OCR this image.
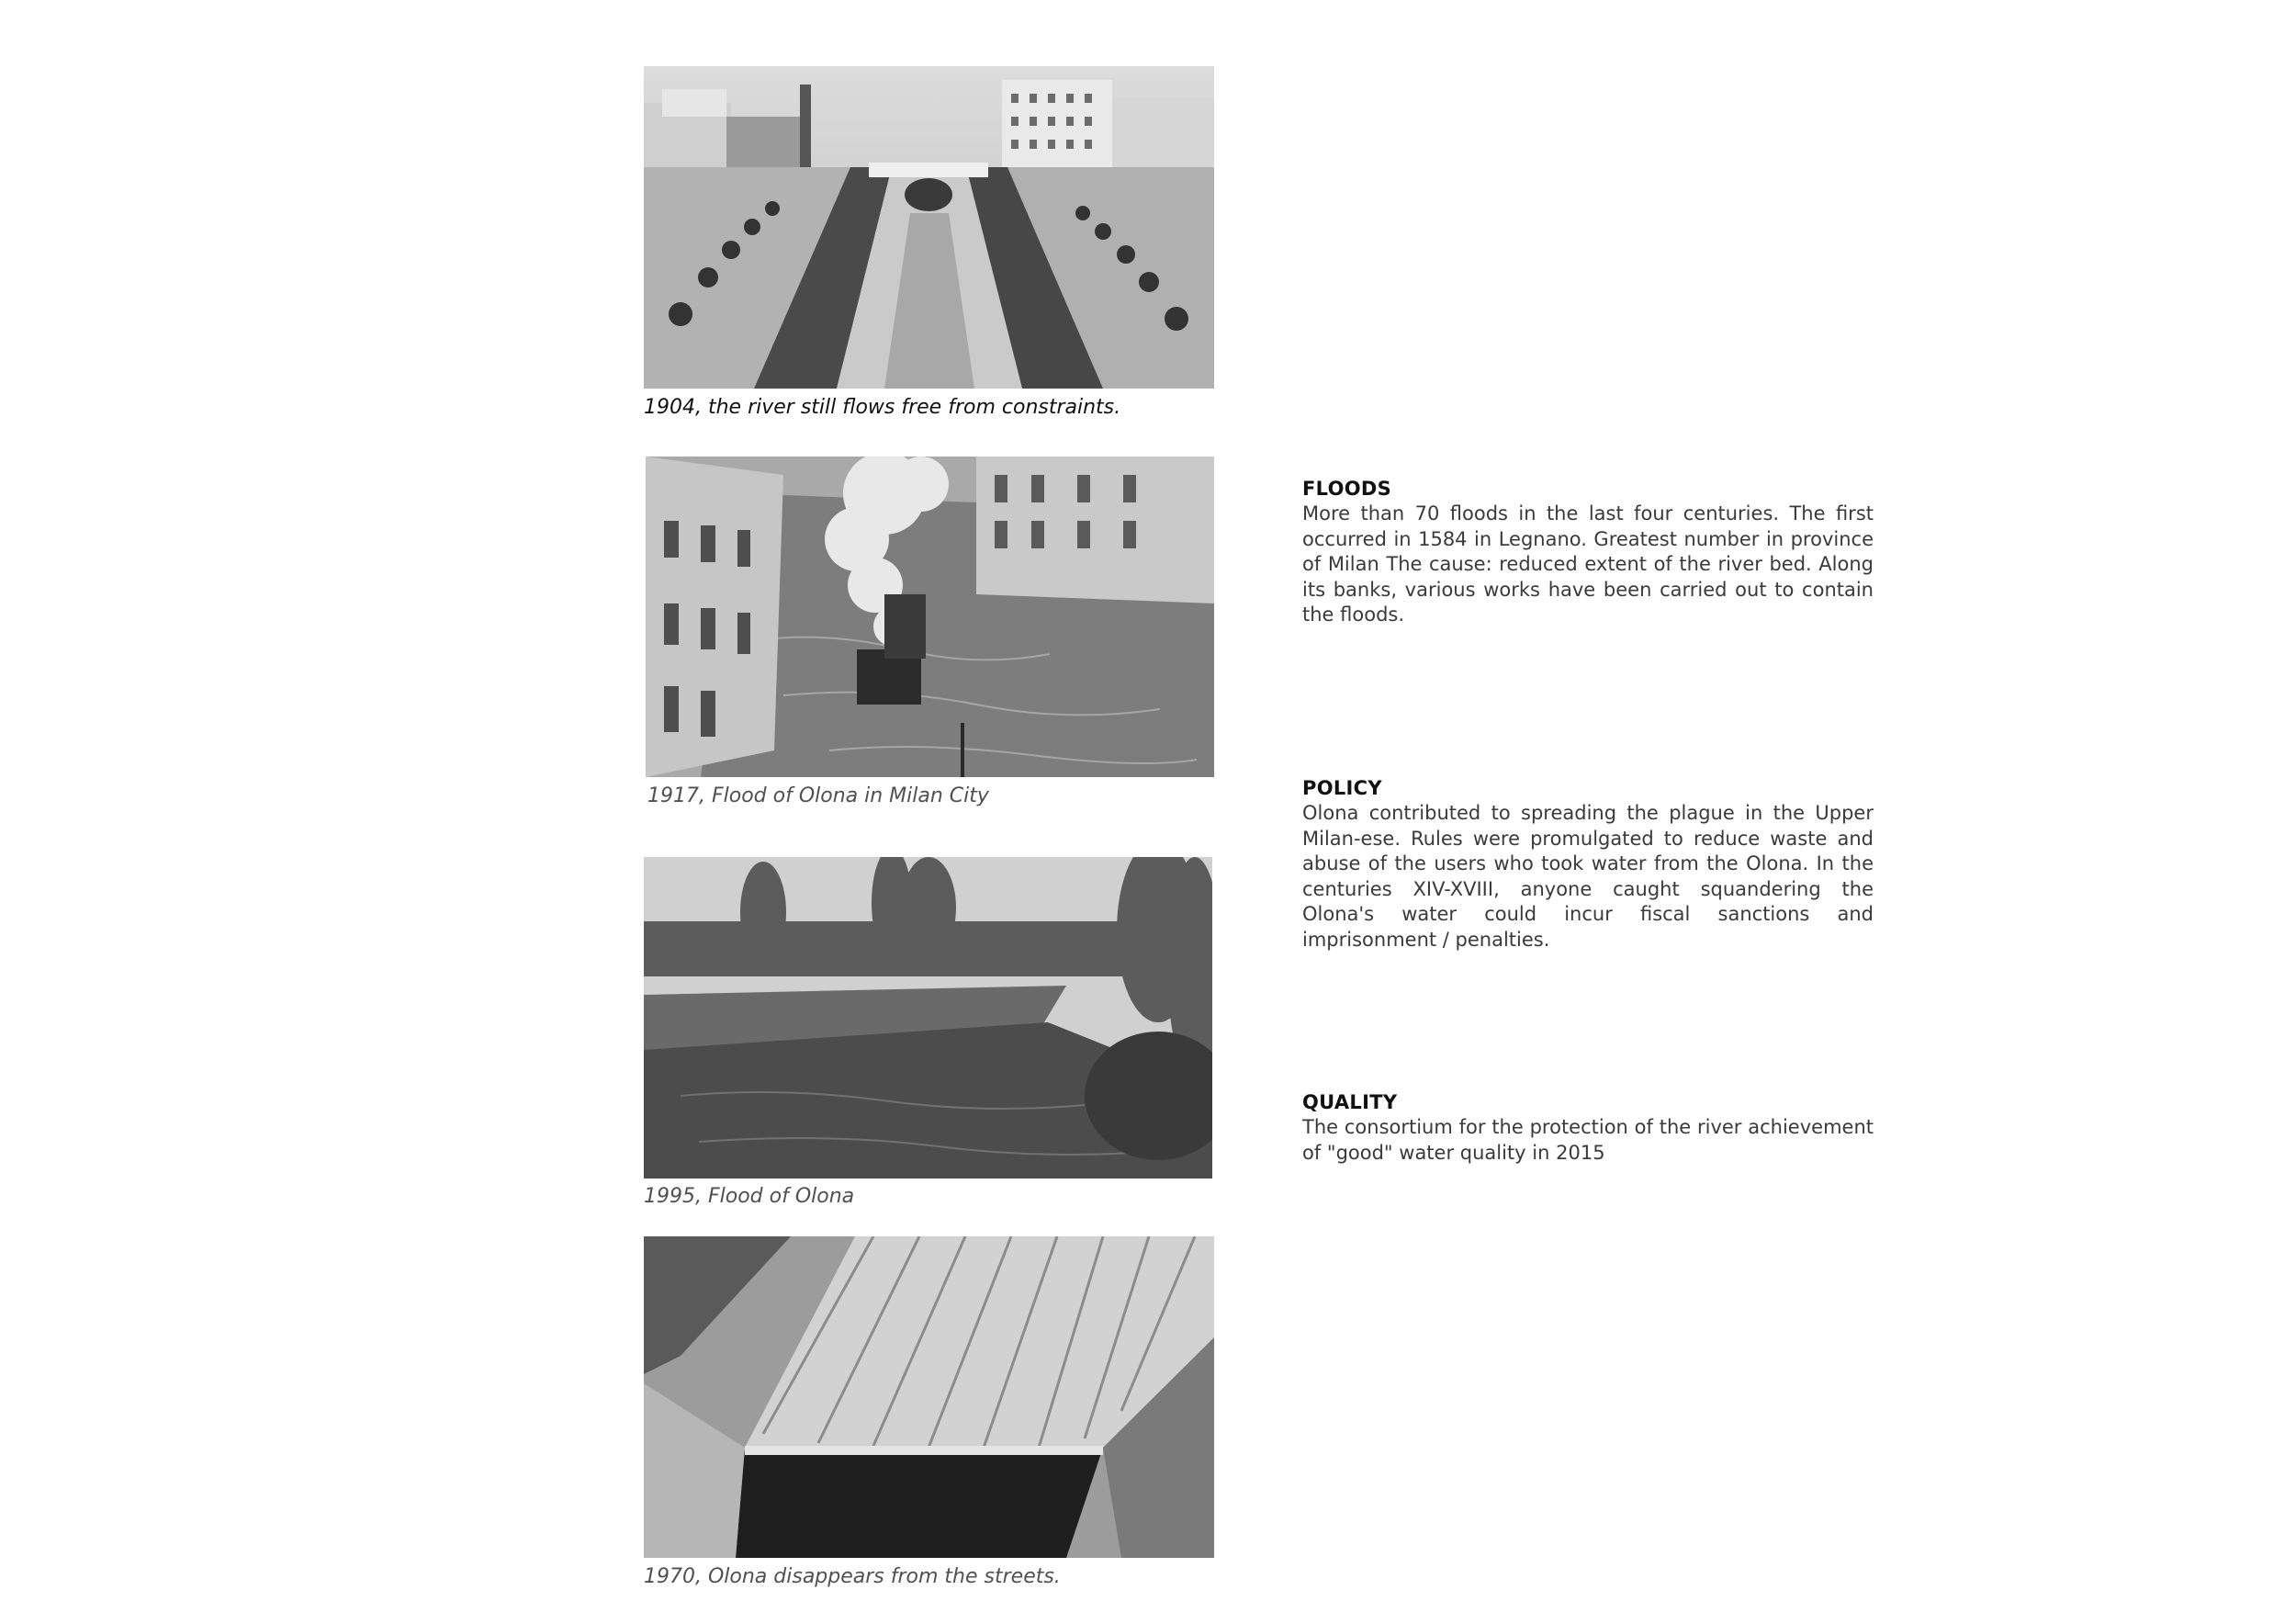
1904, the river still flows free from constraints.
1917, Flood of Olona in Milan City
1995, Flood of Olona
1970, Olona disappears from the streets.
FLOODS

More than 70 floods in the last four centuries. The first occurred in 1584 in Legnano. Greatest number in province of Milan The cause: reduced extent of the river bed. Along its banks, various works have been carried out to contain the floods.

POLICY

Olona contributed to spreading the plague in the Upper Milan-ese. Rules were promulgated to reduce waste and abuse of the users who took water from the Olona. In the centuries XIV-XVIII, anyone caught squandering the Olona's water could incur fiscal sanctions and imprisonment / penalties.

QUALITY

The consortium for the protection of the river achievement of "good" water quality in 2015
